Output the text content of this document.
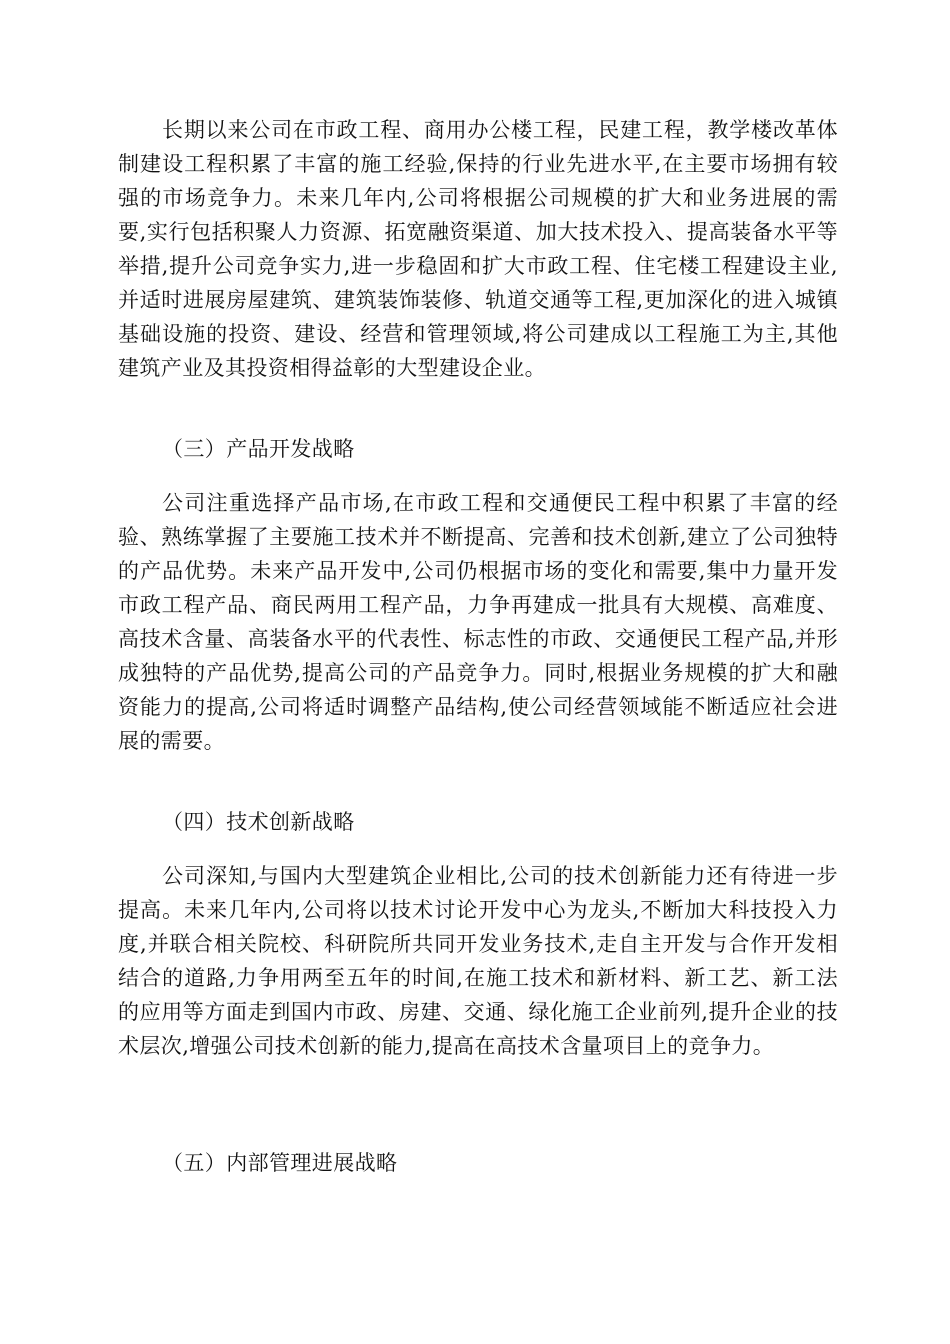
长期以来公司在市政工程、商用办公楼工程，民建工程，教学楼改革体制建设工程积累了丰富的施工经验,保持的行业先进水平,在主要市场拥有较强的市场竞争力。未来几年内,公司将根据公司规模的扩大和业务进展的需要,实行包括积聚人力资源、拓宽融资渠道、加大技术投入、提高装备水平等举措,提升公司竞争实力,进一步稳固和扩大市政工程、住宅楼工程建设主业,并适时进展房屋建筑、建筑装饰装修、轨道交通等工程,更加深化的进入城镇基础设施的投资、建设、经营和管理领域,将公司建成以工程施工为主,其他建筑产业及其投资相得益彰的大型建设企业。

（三）产品开发战略

公司注重选择产品市场,在市政工程和交通便民工程中积累了丰富的经验、熟练掌握了主要施工技术并不断提高、完善和技术创新,建立了公司独特的产品优势。未来产品开发中,公司仍根据市场的变化和需要,集中力量开发市政工程产品、商民两用工程产品，力争再建成一批具有大规模、高难度、高技术含量、高装备水平的代表性、标志性的市政、交通便民工程产品,并形成独特的产品优势,提高公司的产品竞争力。同时,根据业务规模的扩大和融资能力的提高,公司将适时调整产品结构,使公司经营领域能不断适应社会进展的需要。

（四）技术创新战略

公司深知,与国内大型建筑企业相比,公司的技术创新能力还有待进一步提高。未来几年内,公司将以技术讨论开发中心为龙头,不断加大科技投入力度,并联合相关院校、科研院所共同开发业务技术,走自主开发与合作开发相结合的道路,力争用两至五年的时间,在施工技术和新材料、新工艺、新工法的应用等方面走到国内市政、房建、交通、绿化施工企业前列,提升企业的技术层次,增强公司技术创新的能力,提高在高技术含量项目上的竞争力。

（五）内部管理进展战略
